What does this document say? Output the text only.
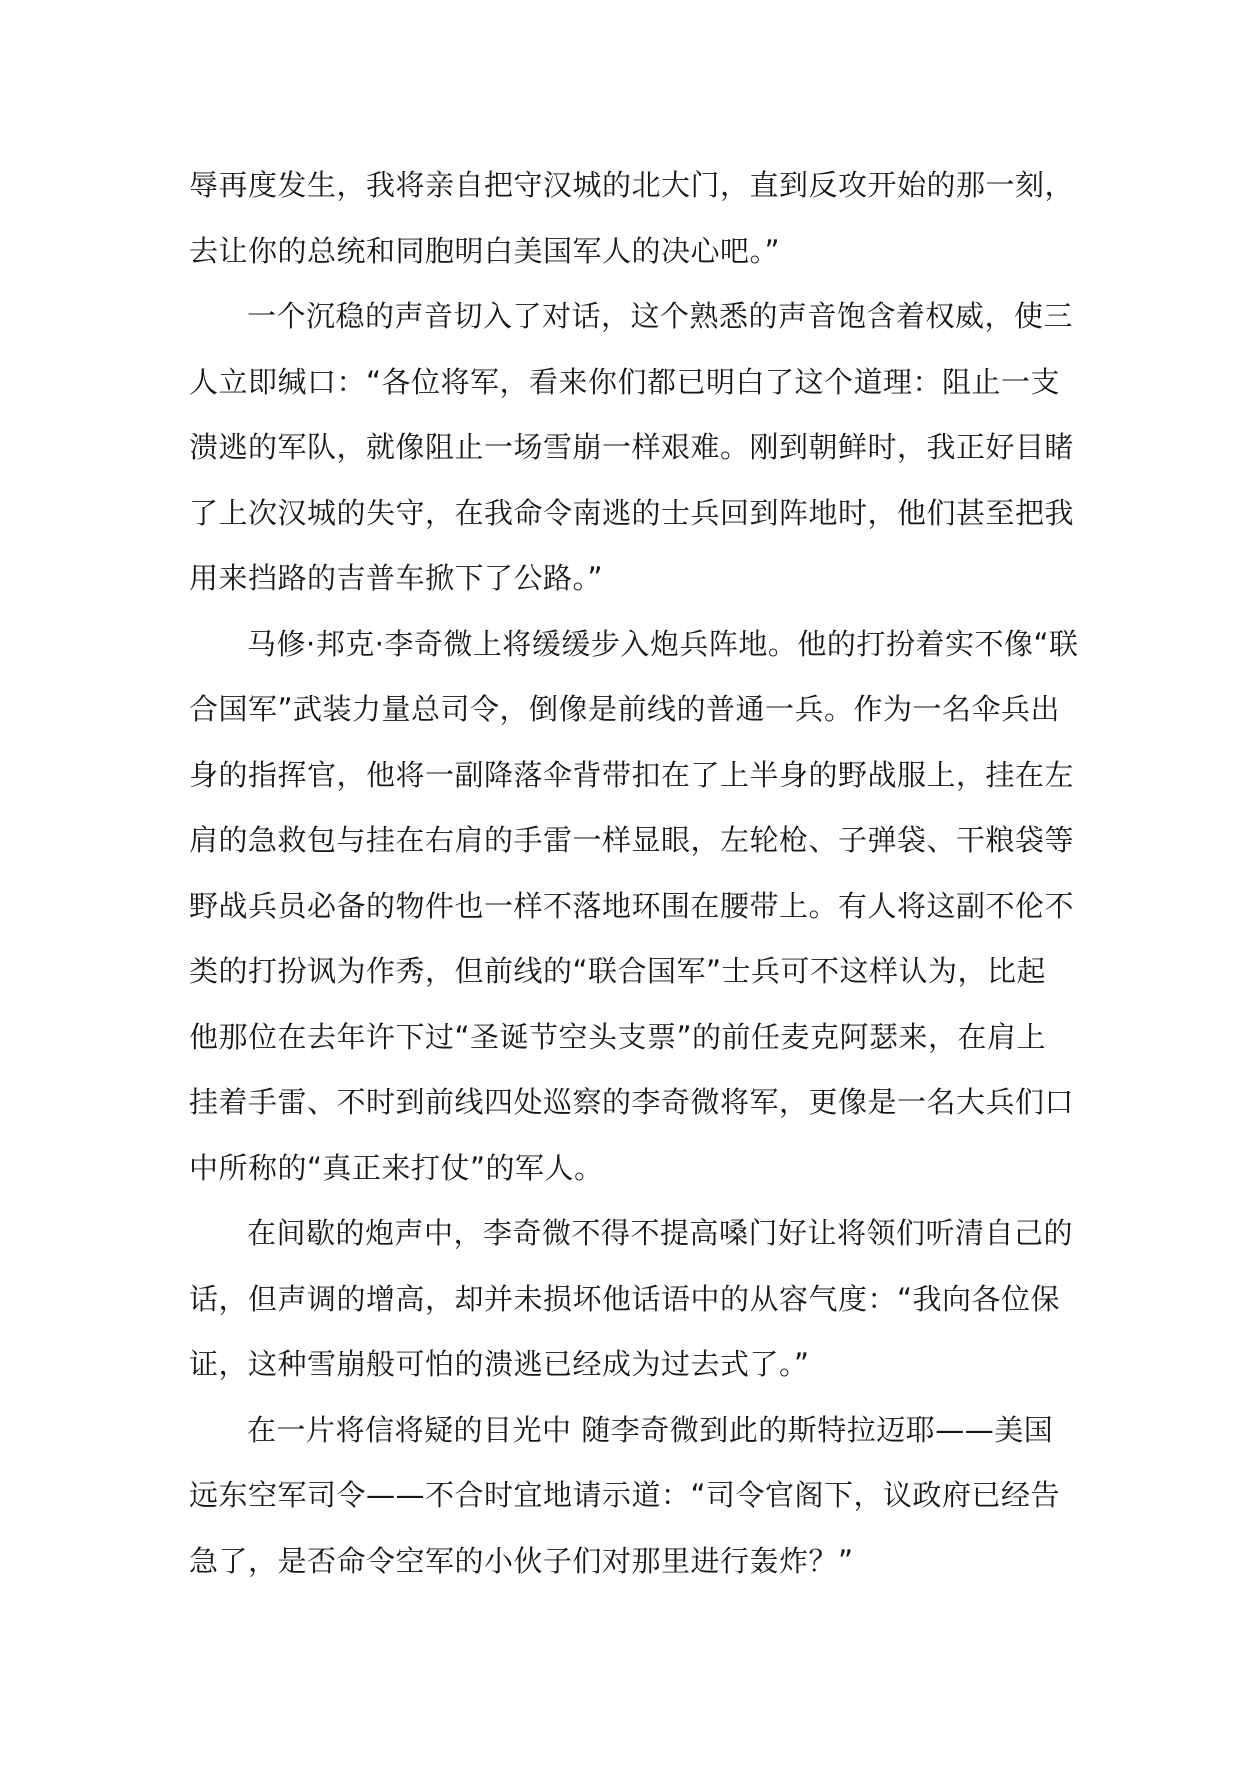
辱再度发生，我将亲自把守汉城的北大门，直到反攻开始的那一刻，
去让你的总统和同胞明白美国军人的决心吧。”
一个沉稳的声音切入了对话，这个熟悉的声音饱含着权威，使三
人立即缄口：“各位将军，看来你们都已明白了这个道理：阻止一支
溃逃的军队，就像阻止一场雪崩一样艰难。刚到朝鲜时，我正好目睹
了上次汉城的失守，在我命令南逃的士兵回到阵地时，他们甚至把我
用来挡路的吉普车掀下了公路。”
马修·邦克·李奇微上将缓缓步入炮兵阵地。他的打扮着实不像“联
合国军”武装力量总司令，倒像是前线的普通一兵。作为一名伞兵出
身的指挥官，他将一副降落伞背带扣在了上半身的野战服上，挂在左
肩的急救包与挂在右肩的手雷一样显眼，左轮枪、子弹袋、干粮袋等
野战兵员必备的物件也一样不落地环围在腰带上。有人将这副不伦不
类的打扮讽为作秀，但前线的“联合国军”士兵可不这样认为，比起
他那位在去年许下过“圣诞节空头支票”的前任麦克阿瑟来，在肩上
挂着手雷、不时到前线四处巡察的李奇微将军，更像是一名大兵们口
中所称的“真正来打仗”的军人。
在间歇的炮声中，李奇微不得不提高嗓门好让将领们听清自己的
话，但声调的增高，却并未损坏他话语中的从容气度：“我向各位保
证，这种雪崩般可怕的溃逃已经成为过去式了。”
在一片将信将疑的目光中 随李奇微到此的斯特拉迈耶——美国
远东空军司令——不合时宜地请示道：“司令官阁下，议政府已经告
急了，是否命令空军的小伙子们对那里进行轰炸？”
